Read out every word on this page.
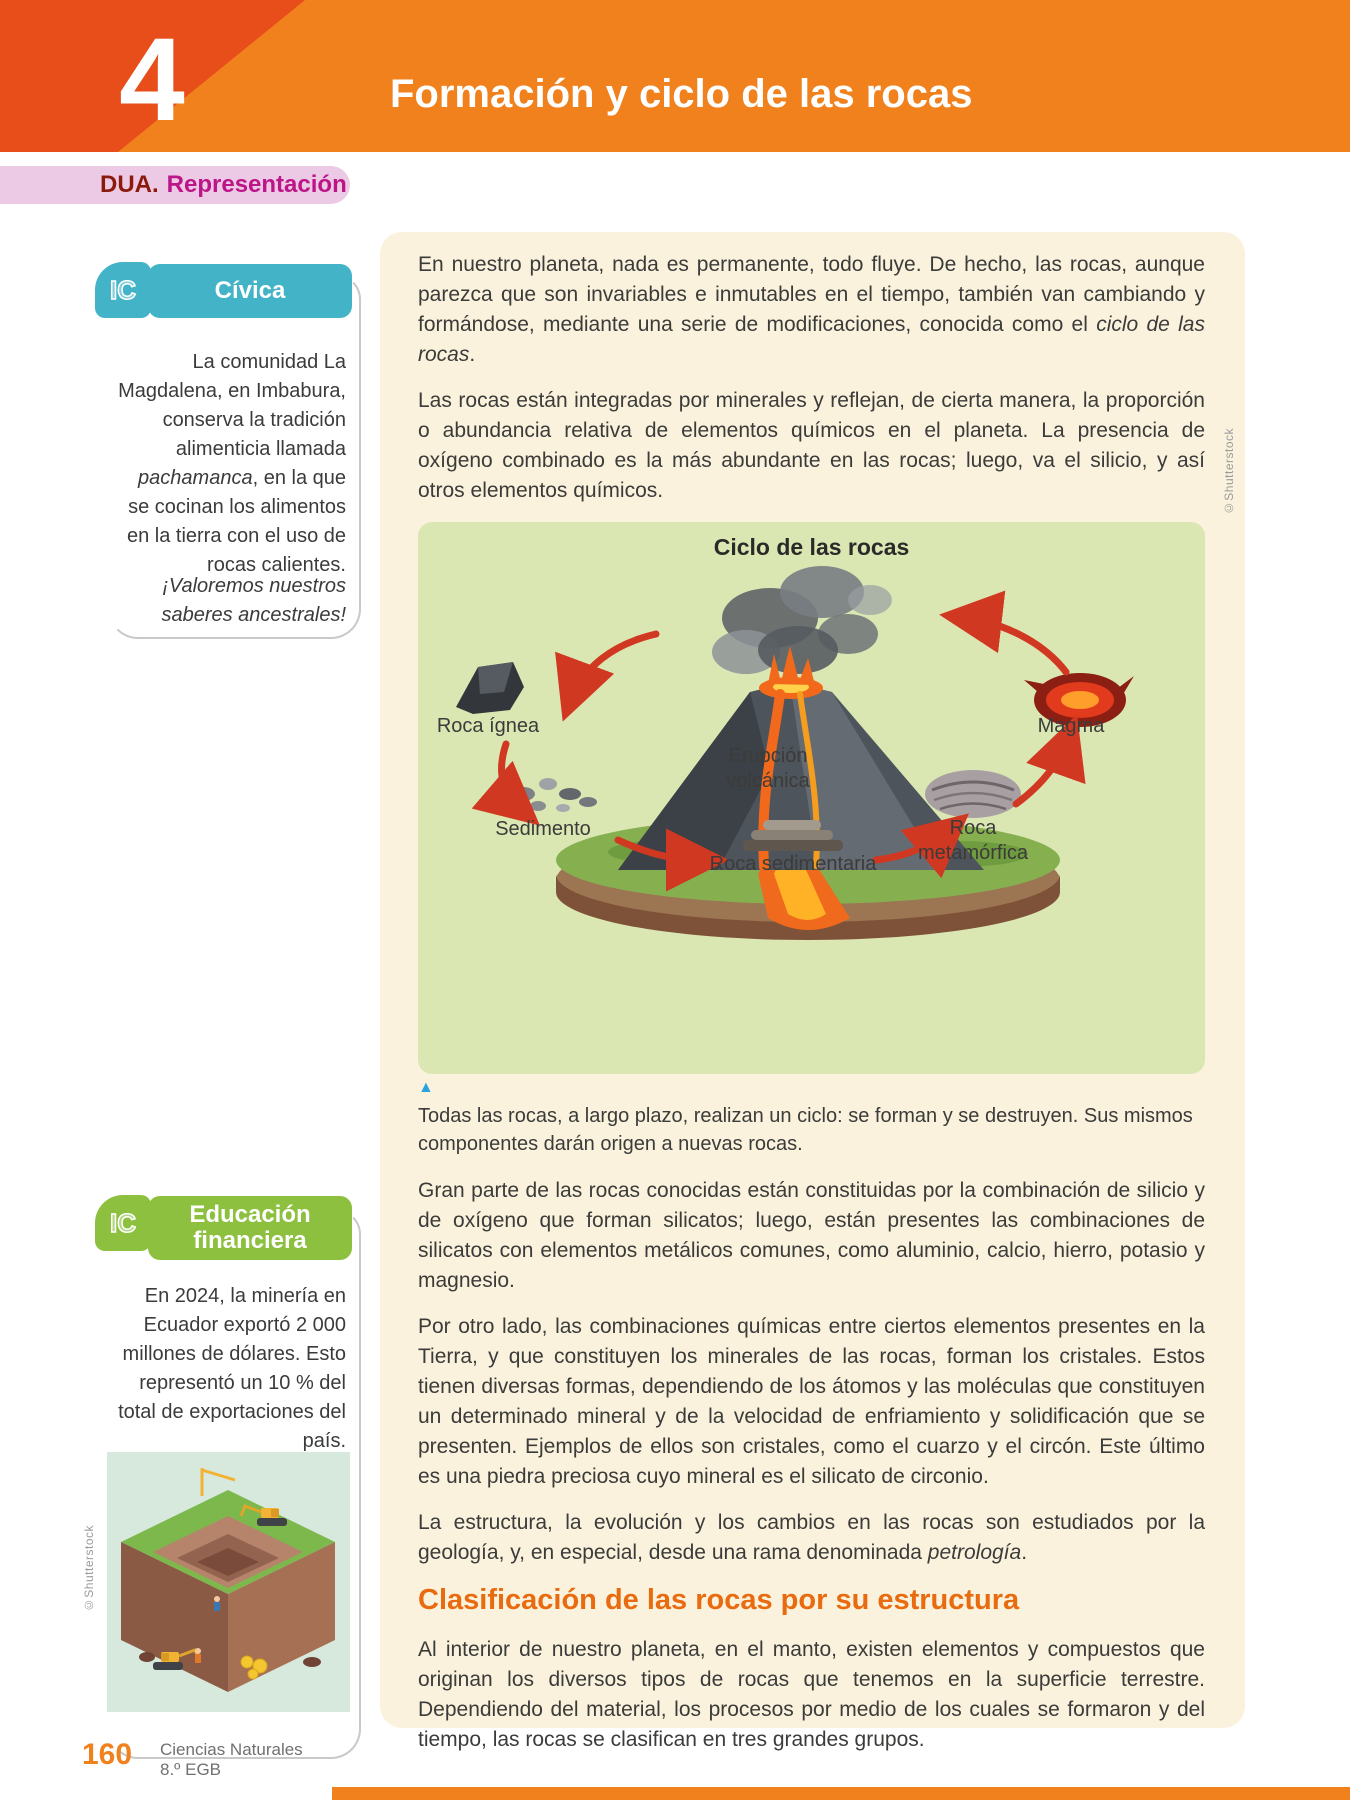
4	Formación y ciclo de las rocas
DUA. Representación
IC	Cívica
La comunidad La Magdalena, en Imbabura, conserva la tradición alimenticia llamada pachamanca, en la que se cocinan los alimentos en la tierra con el uso de rocas calientes.
¡Valoremos nuestros saberes ancestrales!
IC	Educación financiera
En 2024, la minería en Ecuador exportó 2 000 millones de dólares. Esto representó un 10 % del total de exportaciones del país.
©Shutterstock

En nuestro planeta, nada es permanente, todo fluye. De hecho, las rocas, aunque parezca que son invariables e inmutables en el tiempo, también van cambiando y formándose, mediante una serie de modificaciones, conocida como el ciclo de las rocas.

Las rocas están integradas por minerales y reflejan, de cierta manera, la proporción o abundancia relativa de elementos químicos en el planeta. La presencia de oxígeno combinado es la más abundante en las rocas; luego, va el silicio, y así otros elementos químicos.

Ciclo de las rocas
Roca ígnea	Magma
Erupción volcánica
Sedimento
Roca sedimentaria
Roca metamórfica
▲
Todas las rocas, a largo plazo, realizan un ciclo: se forman y se destruyen. Sus mismos componentes darán origen a nuevas rocas.

Gran parte de las rocas conocidas están constituidas por la combinación de silicio y de oxígeno que forman silicatos; luego, están presentes las combinaciones de silicatos con elementos metálicos comunes, como aluminio, calcio, hierro, potasio y magnesio.

Por otro lado, las combinaciones químicas entre ciertos elementos presentes en la Tierra, y que constituyen los minerales de las rocas, forman los cristales. Estos tienen diversas formas, dependiendo de los átomos y las moléculas que constituyen un determinado mineral y de la velocidad de enfriamiento y solidificación que se presenten. Ejemplos de ellos son cristales, como el cuarzo y el circón. Este último es una piedra preciosa cuyo mineral es el silicato de circonio.

La estructura, la evolución y los cambios en las rocas son estudiados por la geología, y, en especial, desde una rama denominada petrología.

Clasificación de las rocas por su estructura

Al interior de nuestro planeta, en el manto, existen elementos y compuestos que originan los diversos tipos de rocas que tenemos en la superficie terrestre. Dependiendo del material, los procesos por medio de los cuales se formaron y del tiempo, las rocas se clasifican en tres grandes grupos.

©Shutterstock
160 Ciencias Naturales
8.º EGB
